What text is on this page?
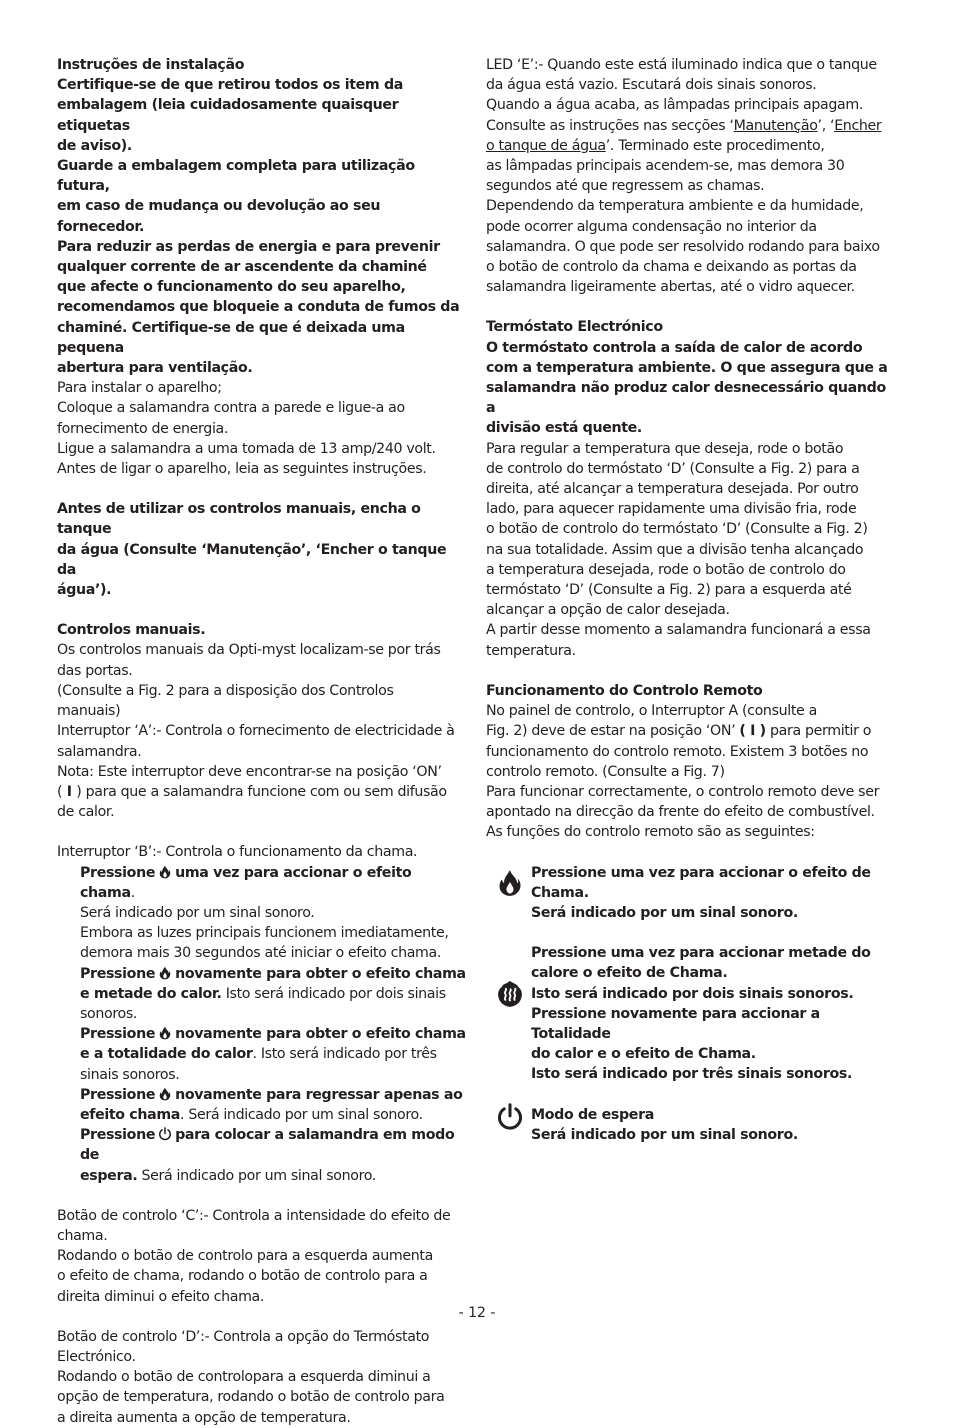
Instruções de instalação

Certifique-se de que retirou todos os item da

embalagem (leia cuidadosamente quaisquer etiquetas

de aviso).

Guarde a embalagem completa para utilização futura,

em caso de mudança ou devolução ao seu fornecedor.

Para reduzir as perdas de energia e para prevenir

qualquer corrente de ar ascendente da chaminé

que afecte o funcionamento do seu aparelho,

recomendamos que bloqueie a conduta de fumos da

chaminé. Certifique-se de que é deixada uma pequena

abertura para ventilação.

Para instalar o aparelho;

Coloque a salamandra contra a parede e ligue-a ao

fornecimento de energia.

Ligue a salamandra a uma tomada de 13 amp/240 volt.

Antes de ligar o aparelho, leia as seguintes instruções.

Antes de utilizar os controlos manuais, encha o tanque

da água (Consulte ‘Manutenção’, ‘Encher o tanque da

água’).

Controlos manuais.

Os controlos manuais da Opti-myst localizam-se por trás

das portas.

(Consulte a Fig. 2 para a disposição dos Controlos

manuais)

Interruptor ‘A’:- Controla o fornecimento de electricidade à

salamandra.

Nota: Este interruptor deve encontrar-se na posição ‘ON’

( I ) para que a salamandra funcione com ou sem difusão

de calor.

Interruptor ‘B’:- Controla o funcionamento da chama.

Pressione uma vez para accionar o efeito chama.

Será indicado por um sinal sonoro.

Embora as luzes principais funcionem imediatamente,

demora mais 30 segundos até iniciar o efeito chama.

Pressione novamente para obter o efeito chama

e metade do calor. Isto será indicado por dois sinais

sonoros.

Pressione novamente para obter o efeito chama

e a totalidade do calor. Isto será indicado por três

sinais sonoros.

Pressione novamente para regressar apenas ao

efeito chama. Será indicado por um sinal sonoro.

Pressione para colocar a salamandra em modo de

espera. Será indicado por um sinal sonoro.

Botão de controlo ‘C’:- Controla a intensidade do efeito de

chama.

Rodando o botão de controlo para a esquerda aumenta

o efeito de chama, rodando o botão de controlo para a

direita diminui o efeito chama.

Botão de controlo ‘D’:- Controla a opção do Termóstato

Electrónico.

Rodando o botão de controlopara a esquerda diminui a

opção de temperatura, rodando o botão de controlo para

a direita aumenta a opção de temperatura.

LED ‘E’:- Quando este está iluminado indica que o tanque

da água está vazio. Escutará dois sinais sonoros.

Quando a água acaba, as lâmpadas principais apagam.

Consulte as instruções nas secções ‘Manutenção’, ‘Encher

o tanque de água’. Terminado este procedimento,

as lâmpadas principais acendem-se, mas demora 30

segundos até que regressem as chamas.

Dependendo da temperatura ambiente e da humidade,

pode ocorrer alguma condensação no interior da

salamandra. O que pode ser resolvido rodando para baixo

o botão de controlo da chama e deixando as portas da

salamandra ligeiramente abertas, até o vidro aquecer.

Termóstato Electrónico

O termóstato controla a saída de calor de acordo

com a temperatura ambiente. O que assegura que a

salamandra não produz calor desnecessário quando a

divisão está quente.

Para regular a temperatura que deseja, rode o botão

de controlo do termóstato ‘D’ (Consulte a Fig. 2) para a

direita, até alcançar a temperatura desejada. Por outro

lado, para aquecer rapidamente uma divisão fria, rode

o botão de controlo do termóstato ‘D’ (Consulte a Fig. 2)

na sua totalidade. Assim que a divisão tenha alcançado

a temperatura desejada, rode o botão de controlo do

termóstato ‘D’ (Consulte a Fig. 2) para a esquerda até

alcançar a opção de calor desejada.

A partir desse momento a salamandra funcionará a essa

temperatura.

Funcionamento do Controlo Remoto

No painel de controlo, o Interruptor A (consulte a

Fig. 2) deve de estar na posição ‘ON’ ( I ) para permitir o

funcionamento do controlo remoto. Existem 3 botões no

controlo remoto. (Consulte a Fig. 7)

Para funcionar correctamente, o controlo remoto deve ser

apontado na direcção da frente do efeito de combustível.

As funções do controlo remoto são as seguintes:

Pressione uma vez para accionar o efeito de

Chama.

Será indicado por um sinal sonoro.

Pressione uma vez para accionar metade do

calore o efeito de Chama.

Isto será indicado por dois sinais sonoros.

Pressione novamente para accionar a Totalidade

do calor e o efeito de Chama.

Isto será indicado por três sinais sonoros.

Modo de espera

Será indicado por um sinal sonoro.

- 12 -
